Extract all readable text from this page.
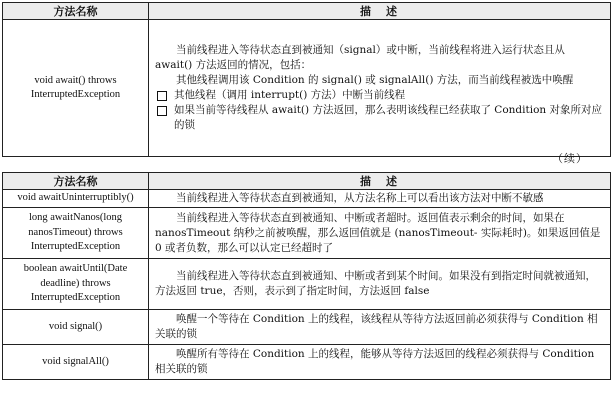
方法名称	描　述
void await() throws InterruptedException	当前线程进入等待状态直到被通知（signal）或中断，当前线程将进入运行状态且从 await() 方法返回的情况，包括：
其他线程调用该 Condition 的 signal() 或 signalAll() 方法，而当前线程被选中唤醒
其他线程（调用 interrupt() 方法）中断当前线程
如果当前等待线程从 await() 方法返回，那么表明该线程已经获取了 Condition 对象所对应的锁
（续）
方法名称	描　述
void awaitUninterruptibly()	当前线程进入等待状态直到被通知，从方法名称上可以看出该方法对中断不敏感
long awaitNanos(long nanosTimeout) throws InterruptedException	当前线程进入等待状态直到被通知、中断或者超时。返回值表示剩余的时间，如果在 nanosTimeout 纳秒之前被唤醒，那么返回值就是 (nanosTimeout- 实际耗时)。如果返回值是 0 或者负数，那么可以认定已经超时了
boolean awaitUntil(Date deadline) throws InterruptedException	当前线程进入等待状态直到被通知、中断或者到某个时间。如果没有到指定时间就被通知，方法返回 true，否则，表示到了指定时间，方法返回 false
void signal()	唤醒一个等待在 Condition 上的线程，该线程从等待方法返回前必须获得与 Condition 相关联的锁
void signalAll()	唤醒所有等待在 Condition 上的线程，能够从等待方法返回的线程必须获得与 Condition 相关联的锁
